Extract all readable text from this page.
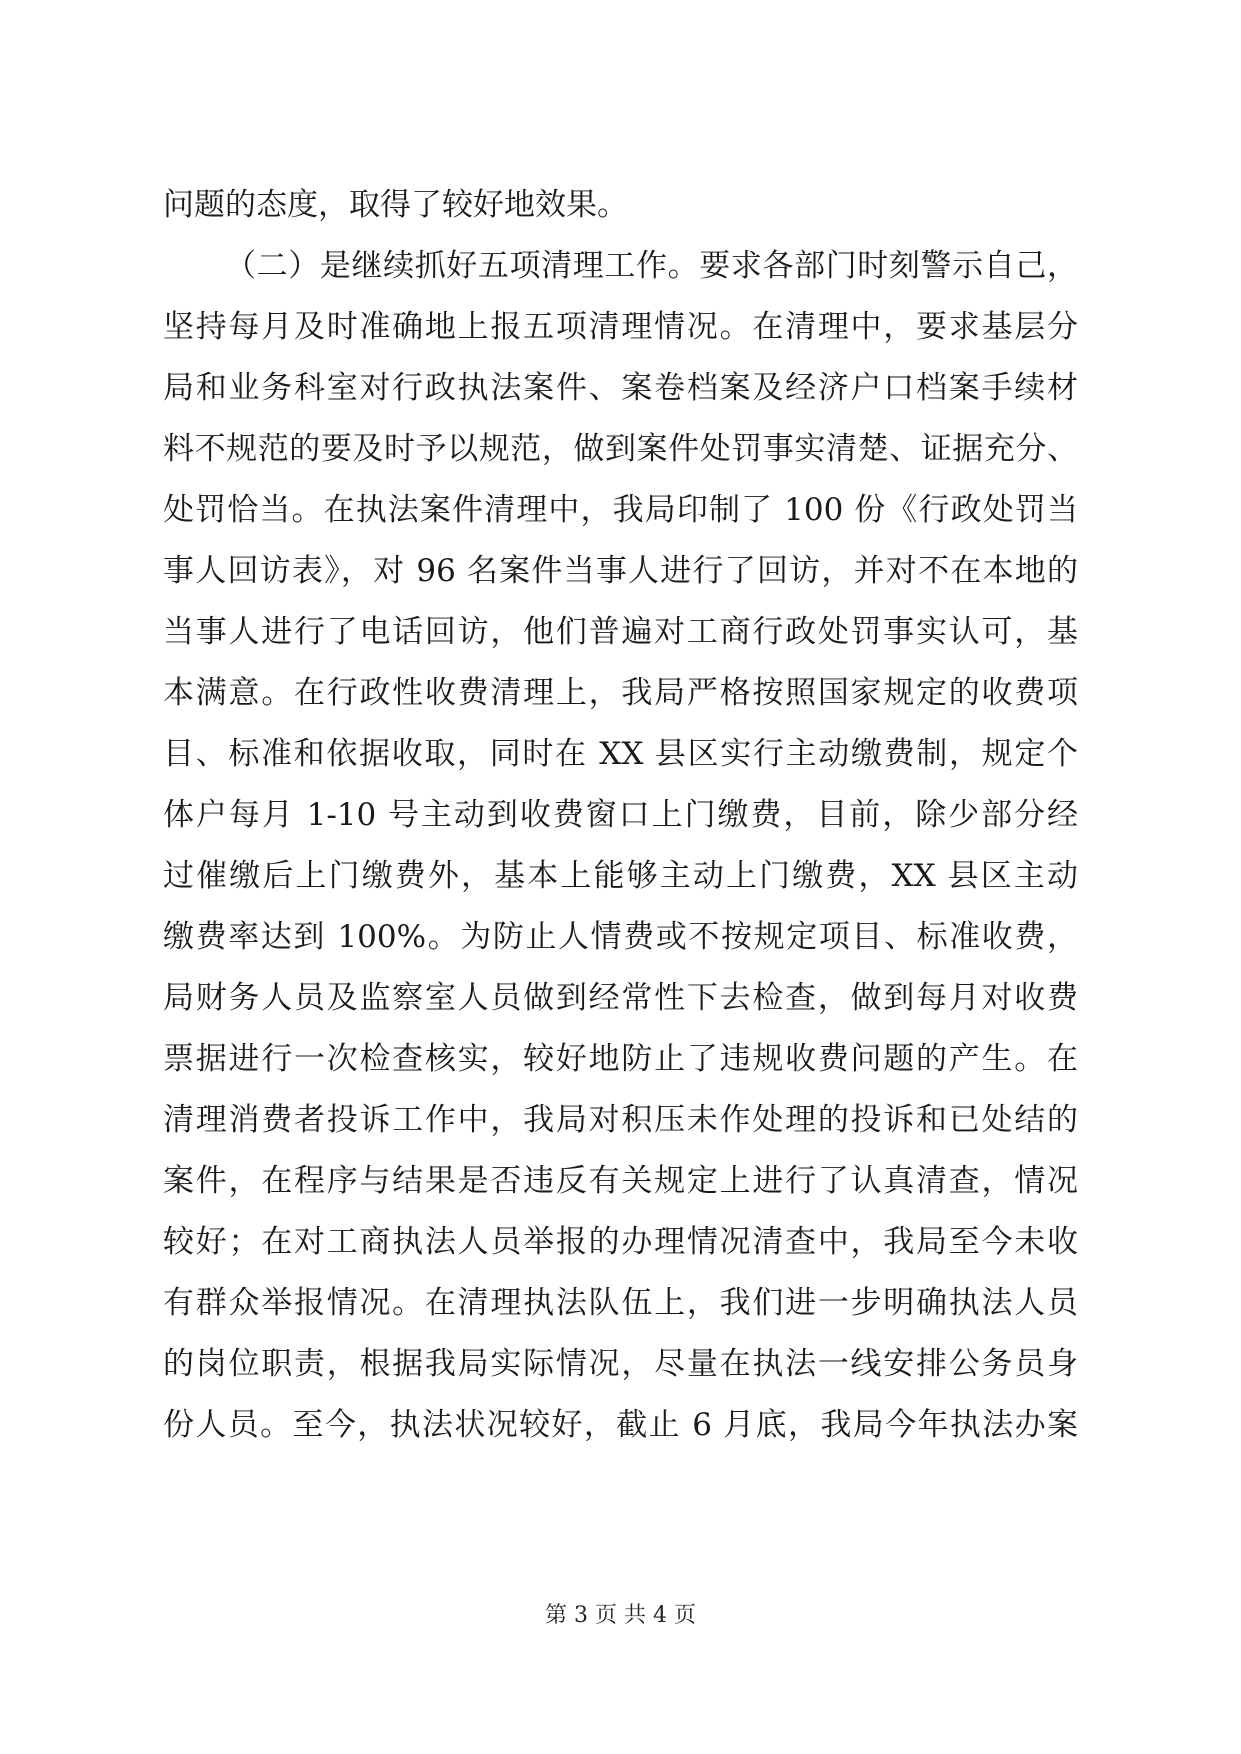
问题的态度，取得了较好地效果。
（二）是继续抓好五项清理工作。要求各部门时刻警示自己，
坚持每月及时准确地上报五项清理情况。在清理中，要求基层分
局和业务科室对行政执法案件、案卷档案及经济户口档案手续材
料不规范的要及时予以规范，做到案件处罚事实清楚、证据充分、
处罚恰当。在执法案件清理中，我局印制了 100 份《行政处罚当
事人回访表》，对 96 名案件当事人进行了回访，并对不在本地的
当事人进行了电话回访，他们普遍对工商行政处罚事实认可，基
本满意。在行政性收费清理上，我局严格按照国家规定的收费项
目、标准和依据收取，同时在 XX 县区实行主动缴费制，规定个
体户每月 1-10 号主动到收费窗口上门缴费，目前，除少部分经
过催缴后上门缴费外，基本上能够主动上门缴费，XX 县区主动
缴费率达到 100%。为防止人情费或不按规定项目、标准收费，
局财务人员及监察室人员做到经常性下去检查，做到每月对收费
票据进行一次检查核实，较好地防止了违规收费问题的产生。在
清理消费者投诉工作中，我局对积压未作处理的投诉和已处结的
案件，在程序与结果是否违反有关规定上进行了认真清查，情况
较好；在对工商执法人员举报的办理情况清查中，我局至今未收
有群众举报情况。在清理执法队伍上，我们进一步明确执法人员
的岗位职责，根据我局实际情况，尽量在执法一线安排公务员身
份人员。至今，执法状况较好，截止 6 月底，我局今年执法办案
第 3 页 共 4 页
